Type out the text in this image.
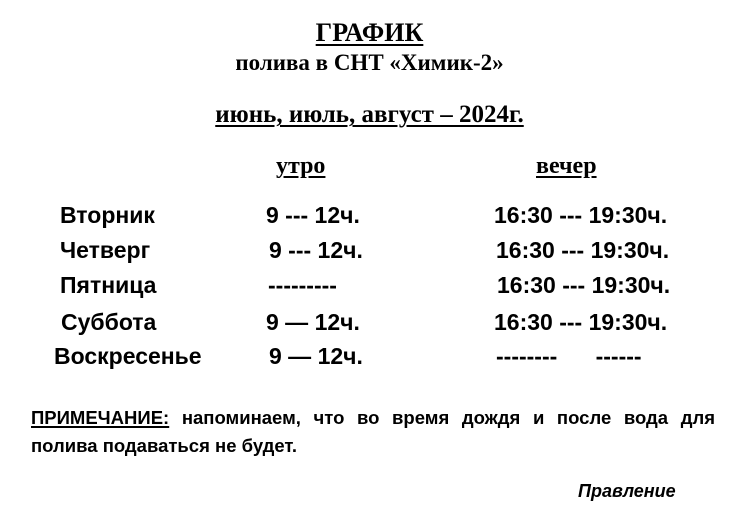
ГРАФИК
полива в СНТ «Химик-2»
июнь, июль, август – 2024г.
утро	вечер
Вторник	9 --- 12ч.	16:30 --- 19:30ч.
Четверг	9 --- 12ч.	16:30 --- 19:30ч.
Пятница	---------	16:30 --- 19:30ч.
Суббота	9 — 12ч.	16:30 --- 19:30ч.
Воскресенье	9 — 12ч.	--------      ------
ПРИМЕЧАНИЕ: напоминаем, что во время дождя и после вода для полива подаваться не будет.
Правление
